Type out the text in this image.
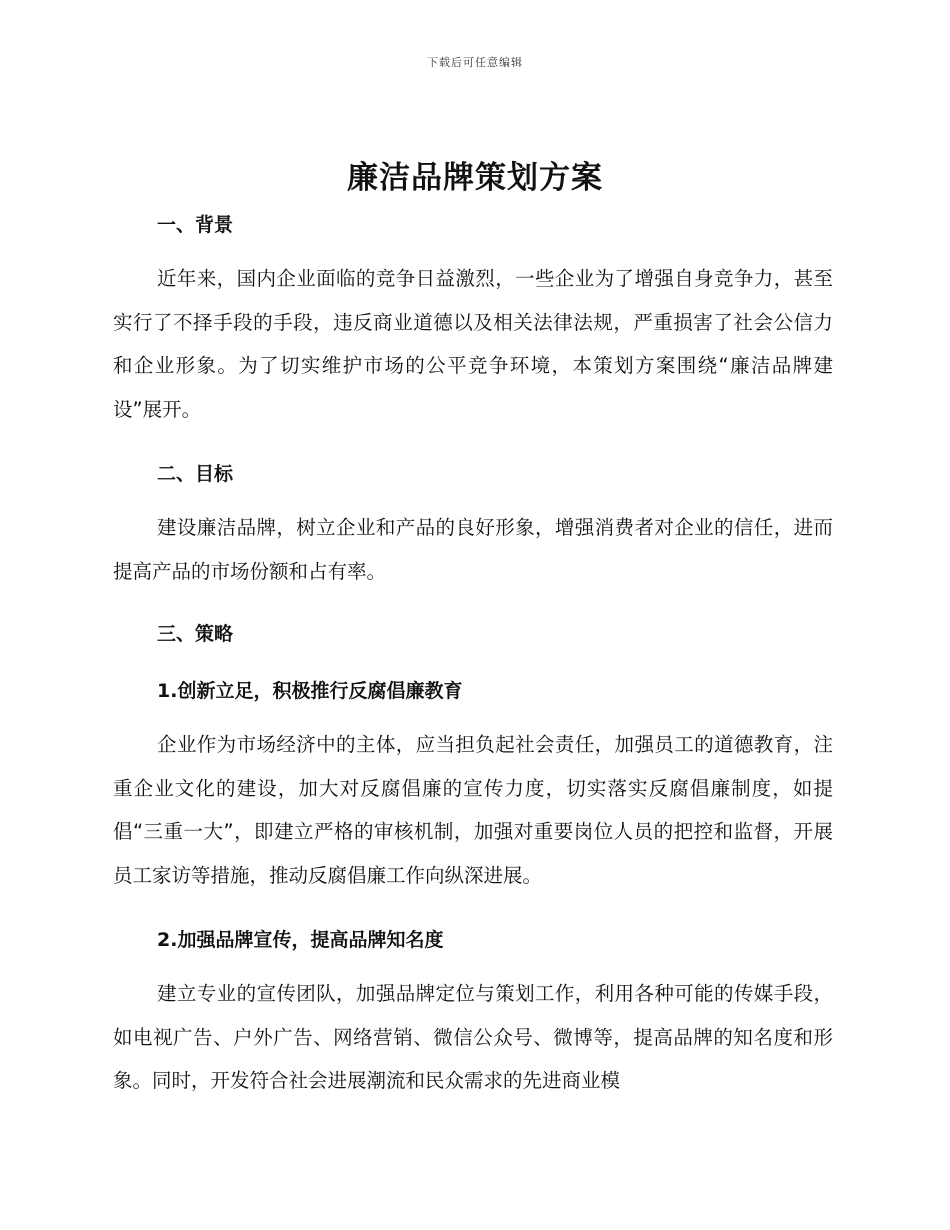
下载后可任意编辑
廉洁品牌策划方案
一、背景

近年来，国内企业面临的竞争日益激烈，一些企业为了增强自身竞争力，甚至实行了不择手段的手段，违反商业道德以及相关法律法规，严重损害了社会公信力和企业形象。为了切实维护市场的公平竞争环境，本策划方案围绕“廉洁品牌建设”展开。

二、目标

建设廉洁品牌，树立企业和产品的良好形象，增强消费者对企业的信任，进而提高产品的市场份额和占有率。

三、策略
1.创新立足，积极推行反腐倡廉教育

企业作为市场经济中的主体，应当担负起社会责任，加强员工的道德教育，注重企业文化的建设，加大对反腐倡廉的宣传力度，切实落实反腐倡廉制度，如提倡“三重一大”，即建立严格的审核机制，加强对重要岗位人员的把控和监督，开展员工家访等措施，推动反腐倡廉工作向纵深进展。

2.加强品牌宣传，提高品牌知名度

建立专业的宣传团队，加强品牌定位与策划工作，利用各种可能的传媒手段，如电视广告、户外广告、网络营销、微信公众号、微博等，提高品牌的知名度和形象。同时，开发符合社会进展潮流和民众需求的先进商业模
